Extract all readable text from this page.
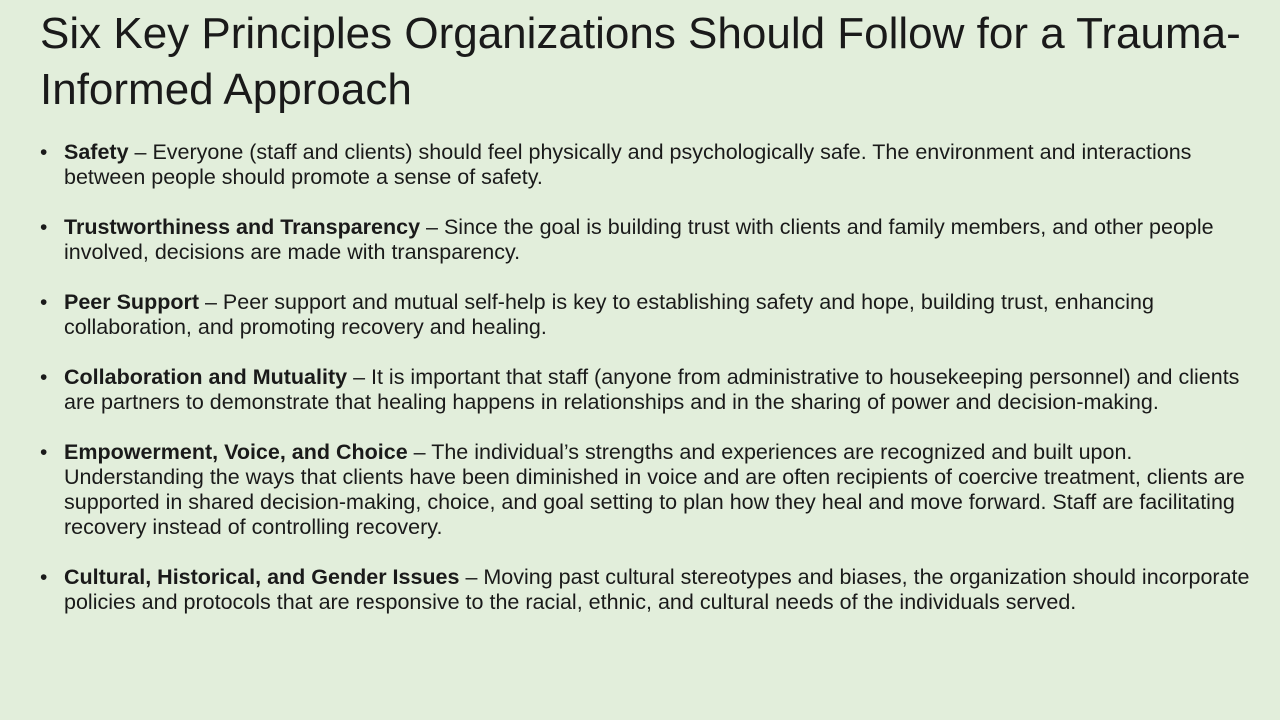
Six Key Principles Organizations Should Follow for a Trauma-Informed Approach
• Safety – Everyone (staff and clients) should feel physically and psychologically safe. The environment and interactions between people should promote a sense of safety.
• Trustworthiness and Transparency – Since the goal is building trust with clients and family members, and other people involved, decisions are made with transparency.
• Peer Support – Peer support and mutual self-help is key to establishing safety and hope, building trust, enhancing collaboration, and promoting recovery and healing.
• Collaboration and Mutuality – It is important that staff (anyone from administrative to housekeeping personnel) and clients are partners to demonstrate that healing happens in relationships and in the sharing of power and decision-making.
• Empowerment, Voice, and Choice – The individual’s strengths and experiences are recognized and built upon. Understanding the ways that clients have been diminished in voice and are often recipients of coercive treatment, clients are supported in shared decision-making, choice, and goal setting to plan how they heal and move forward. Staff are facilitating recovery instead of controlling recovery.
• Cultural, Historical, and Gender Issues – Moving past cultural stereotypes and biases, the organization should incorporate policies and protocols that are responsive to the racial, ethnic, and cultural needs of the individuals served.
